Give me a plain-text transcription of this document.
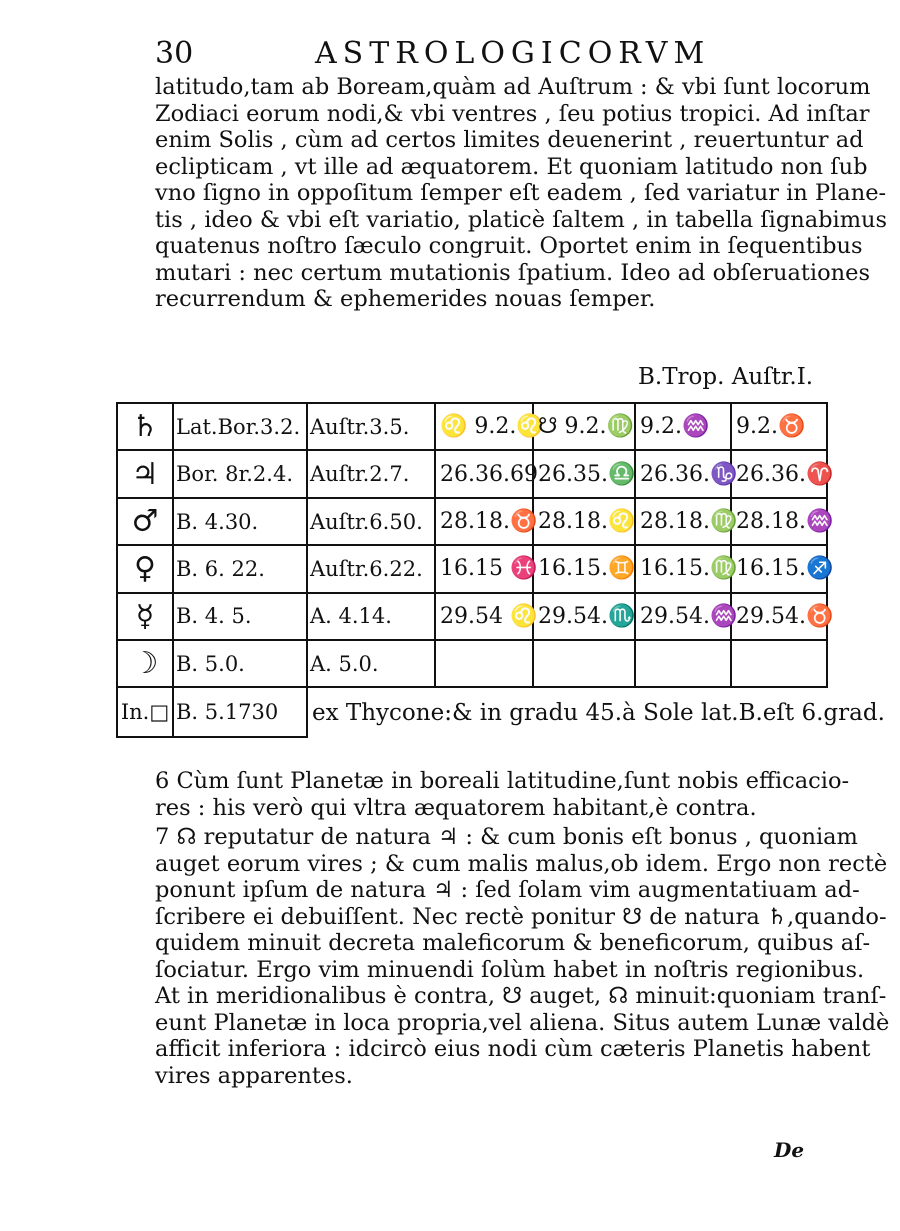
30	ASTROLOGICORVM

latitudo,tam ab Boream,quàm ad Auſtrum : & vbi ſunt locorum
Zodiaci eorum nodi,& vbi ventres , ſeu potius tropici. Ad inſtar
enim Solis , cùm ad certos limites deuenerint , reuertuntur ad
eclipticam , vt ille ad æquatorem. Et quoniam latitudo non ſub
vno ſigno in oppoſitum ſemper eſt eadem , ſed variatur in Plane-
tis , ideo & vbi eſt variatio, platicè ſaltem , in tabella ſignabimus
quatenus noſtro ſæculo congruit. Oportet enim in ſequentibus
mutari : nec certum mutationis ſpatium. Ideo ad obſeruationes
recurrendum & ephemerides nouas ſemper.

B.Trop. Auſtr.I.
♄	Lat.Bor.3.2.	Auſtr.3.5.	♌ 9.2.♌	☋ 9.2.♍	9.2.♒	9.2.♉
♃	Bor. 8r.2.4.	Auſtr.2.7.	26.36.69.	26.35.♎	26.36.♑	26.36.♈
♂	B. 4.30.	Auſtr.6.50.	28.18.♉	28.18.♌	28.18.♍	28.18.♒
♀	B. 6. 22.	Auſtr.6.22.	16.15 ♓	16.15.♊	16.15.♍	16.15.♐
☿	B. 4. 5.	A. 4.14.	29.54 ♌	29.54.♏	29.54.♒	29.54.♉
☽	B. 5.0.	A. 5.0.				
In.□	B. 5.1730	ex Thycone:& in gradu 45.à Sole lat.B.eſt 6.grad.				

6 Cùm ſunt Planetæ in boreali latitudine,ſunt nobis efficacio-
res : his verò qui vltra æquatorem habitant,è contra.

7 ☊ reputatur de natura ♃ : & cum bonis eſt bonus , quoniam
auget eorum vires ; & cum malis malus,ob idem. Ergo non rectè
ponunt ipſum de natura ♃ : ſed ſolam vim augmentatiuam ad-
ſcribere ei debuiſſent. Nec rectè ponitur ☋ de natura ♄,quando-
quidem minuit decreta maleficorum & beneficorum, quibus aſ-
ſociatur. Ergo vim minuendi ſolùm habet in noſtris regionibus.
At in meridionalibus è contra, ☋ auget, ☊ minuit:quoniam tranſ-
eunt Planetæ in loca propria,vel aliena. Situs autem Lunæ valdè
afficit inferiora : idcircò eius nodi cùm cæteris Planetis habent
vires apparentes.

De
